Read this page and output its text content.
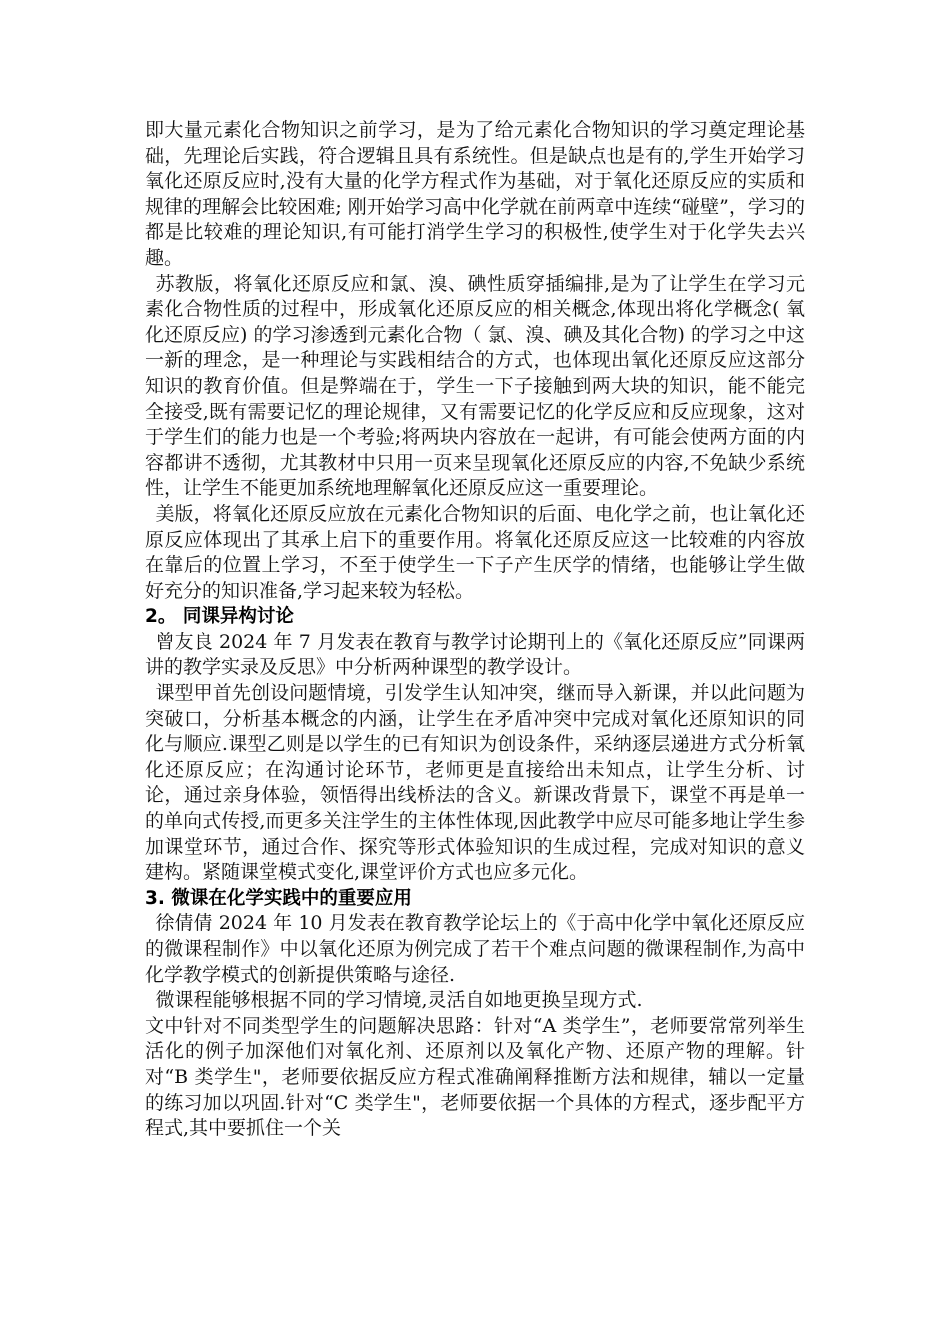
即大量元素化合物知识之前学习，是为了给元素化合物知识的学习奠定理论基础，先理论后实践，符合逻辑且具有系统性。但是缺点也是有的,学生开始学习氧化还原反应时,没有大量的化学方程式作为基础，对于氧化还原反应的实质和规律的理解会比较困难; 刚开始学习高中化学就在前两章中连续“碰壁”，学习的都是比较难的理论知识,有可能打消学生学习的积极性,使学生对于化学失去兴趣。

苏教版，将氧化还原反应和氯、溴、碘性质穿插编排,是为了让学生在学习元素化合物性质的过程中，形成氧化还原反应的相关概念,体现出将化学概念( 氧化还原反应) 的学习渗透到元素化合物（ 氯、溴、碘及其化合物) 的学习之中这一新的理念，是一种理论与实践相结合的方式，也体现出氧化还原反应这部分知识的教育价值。但是弊端在于，学生一下子接触到两大块的知识，能不能完全接受,既有需要记忆的理论规律，又有需要记忆的化学反应和反应现象，这对于学生们的能力也是一个考验;将两块内容放在一起讲，有可能会使两方面的内容都讲不透彻，尤其教材中只用一页来呈现氧化还原反应的内容,不免缺少系统性，让学生不能更加系统地理解氧化还原反应这一重要理论。

美版，将氧化还原反应放在元素化合物知识的后面、电化学之前，也让氧化还原反应体现出了其承上启下的重要作用。将氧化还原反应这一比较难的内容放在靠后的位置上学习，不至于使学生一下子产生厌学的情绪，也能够让学生做好充分的知识准备,学习起来较为轻松。

2。 同课异构讨论

曾友良 2024 年 7 月发表在教育与教学讨论期刊上的《氧化还原反应”同课两讲的教学实录及反思》中分析两种课型的教学设计。

课型甲首先创设问题情境，引发学生认知冲突，继而导入新课，并以此问题为突破口，分析基本概念的内涵，让学生在矛盾冲突中完成对氧化还原知识的同化与顺应.课型乙则是以学生的已有知识为创设条件，采纳逐层递进方式分析氧化还原反应；在沟通讨论环节，老师更是直接给出未知点，让学生分析、讨论，通过亲身体验，领悟得出线桥法的含义。新课改背景下，课堂不再是单一的单向式传授,而更多关注学生的主体性体现,因此教学中应尽可能多地让学生参加课堂环节，通过合作、探究等形式体验知识的生成过程，完成对知识的意义建构。紧随课堂模式变化,课堂评价方式也应多元化。

3. 微课在化学实践中的重要应用

徐倩倩 2024 年 10 月发表在教育教学论坛上的《于高中化学中氧化还原反应的微课程制作》中以氧化还原为例完成了若干个难点问题的微课程制作,为高中化学教学模式的创新提供策略与途径.

微课程能够根据不同的学习情境,灵活自如地更换呈现方式.

文中针对不同类型学生的问题解决思路：针对“A 类学生”，老师要常常列举生活化的例子加深他们对氧化剂、还原剂以及氧化产物、还原产物的理解。针对“B 类学生"，老师要依据反应方程式准确阐释推断方法和规律，辅以一定量的练习加以巩固.针对“C 类学生"，老师要依据一个具体的方程式，逐步配平方程式,其中要抓住一个关
